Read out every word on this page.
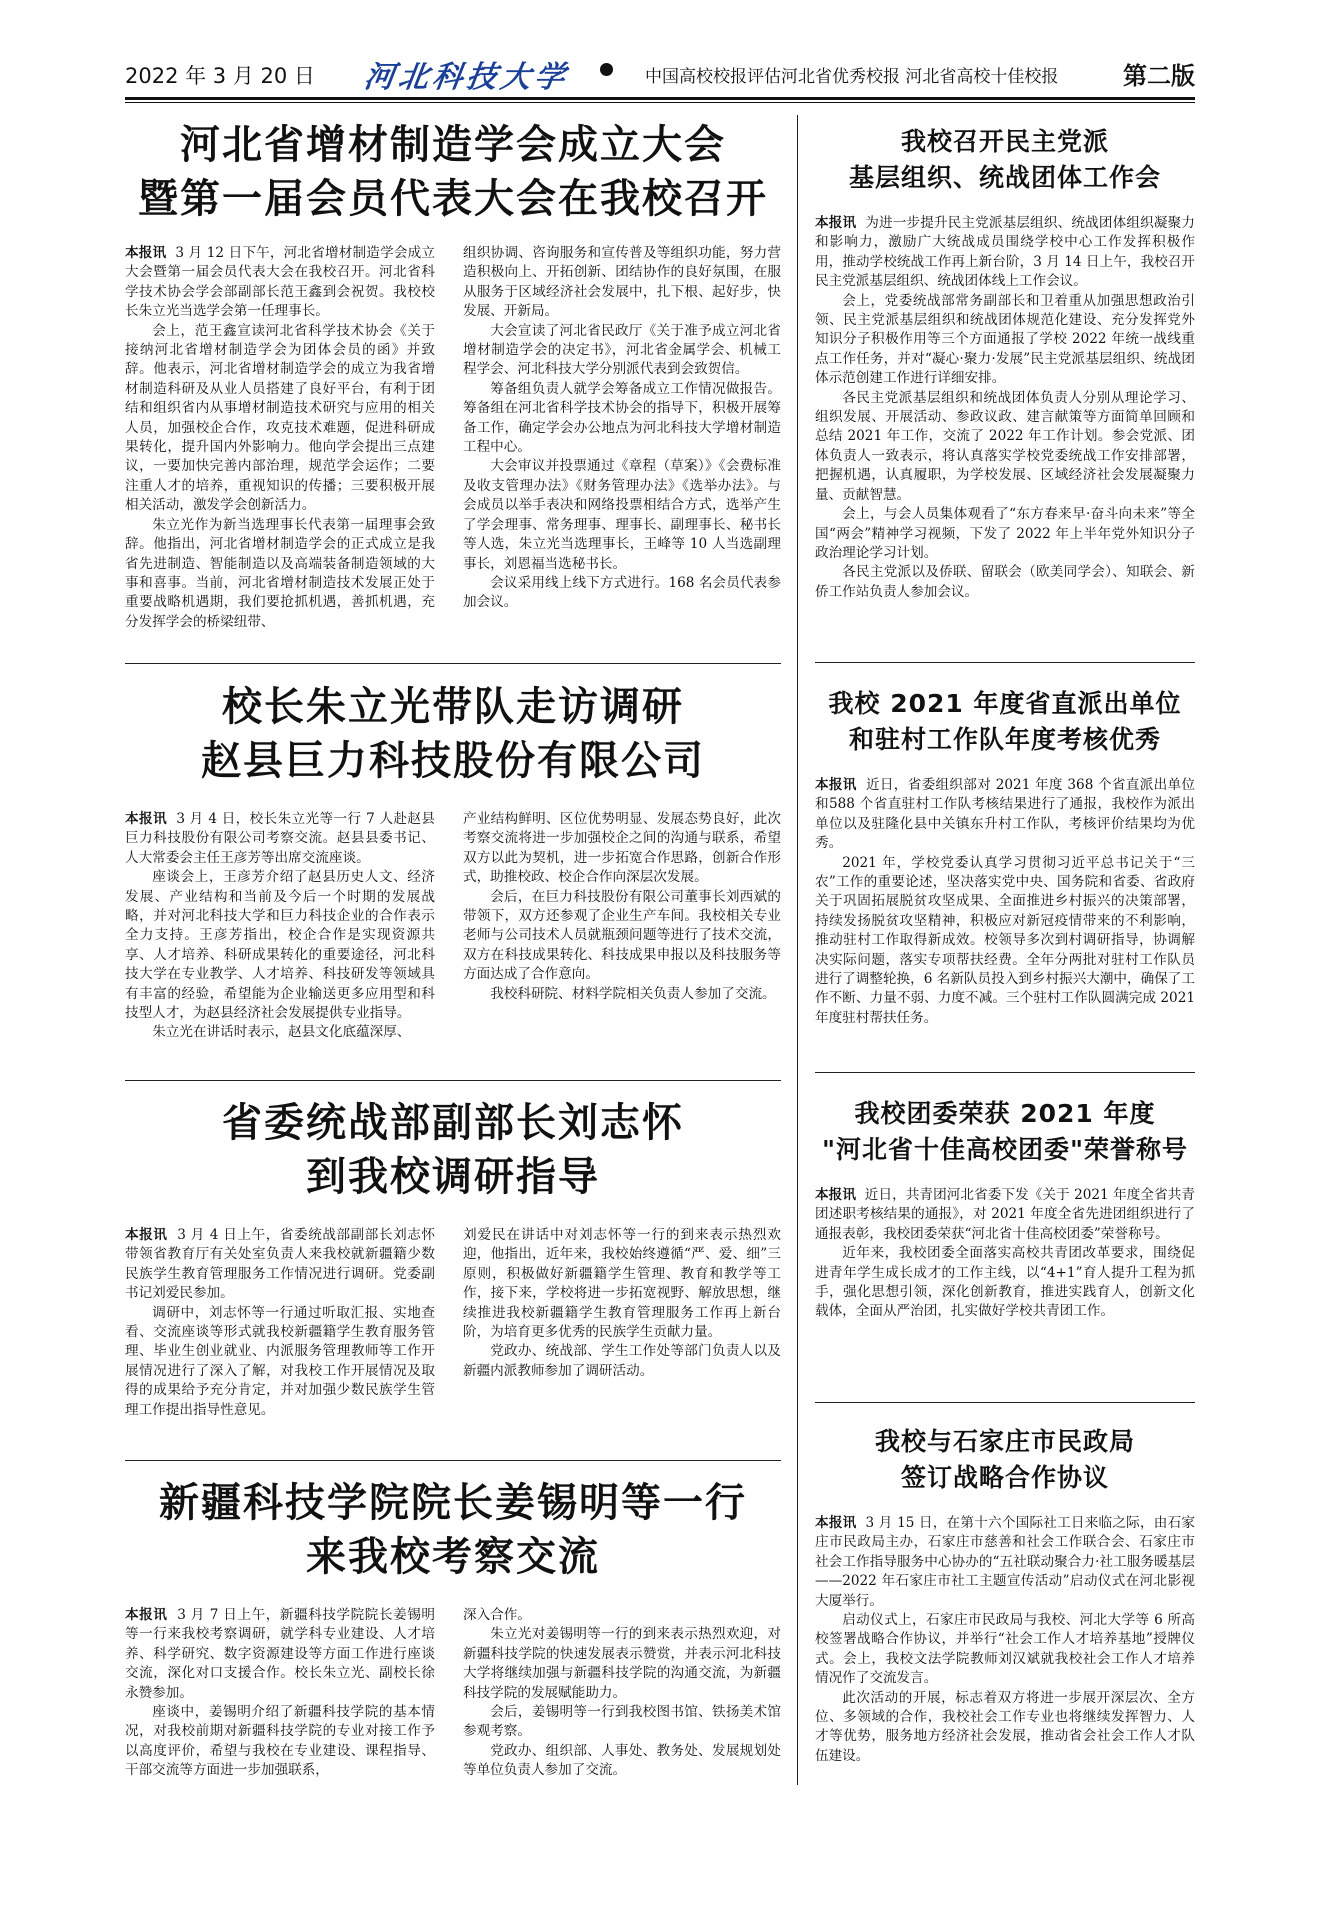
2022 年 3 月 20 日 河北科技大学	中国高校校报评估河北省优秀校报 河北省高校十佳校报	第二版
河北省增材制造学会成立大会
暨第一届会员代表大会在我校召开

本报讯 3 月 12 日下午，河北省增材制造学会成立大会暨第一届会员代表大会在我校召开。河北省科学技术协会学会部副部长范王鑫到会祝贺。我校校长朱立光当选学会第一任理事长。

会上，范王鑫宣读河北省科学技术协会《关于接纳河北省增材制造学会为团体会员的函》并致辞。他表示，河北省增材制造学会的成立为我省增材制造科研及从业人员搭建了良好平台，有利于团结和组织省内从事增材制造技术研究与应用的相关人员，加强校企合作，攻克技术难题，促进科研成果转化，提升国内外影响力。他向学会提出三点建议，一要加快完善内部治理，规范学会运作；二要注重人才的培养，重视知识的传播；三要积极开展相关活动，激发学会创新活力。

朱立光作为新当选理事长代表第一届理事会致辞。他指出，河北省增材制造学会的正式成立是我省先进制造、智能制造以及高端装备制造领域的大事和喜事。当前，河北省增材制造技术发展正处于重要战略机遇期，我们要抢抓机遇，善抓机遇，充分发挥学会的桥梁纽带、

组织协调、咨询服务和宣传普及等组织功能，努力营造积极向上、开拓创新、团结协作的良好氛围，在服从服务于区域经济社会发展中，扎下根、起好步，快发展、开新局。

大会宣读了河北省民政厅《关于准予成立河北省增材制造学会的决定书》，河北省金属学会、机械工程学会、河北科技大学分别派代表到会致贺信。

筹备组负责人就学会筹备成立工作情况做报告。筹备组在河北省科学技术协会的指导下，积极开展筹备工作，确定学会办公地点为河北科技大学增材制造工程中心。

大会审议并投票通过《章程（草案）》《会费标准及收支管理办法》《财务管理办法》《选举办法》。与会成员以举手表决和网络投票相结合方式，选举产生了学会理事、常务理事、理事长、副理事长、秘书长等人选，朱立光当选理事长，王峰等 10 人当选副理事长，刘恩福当选秘书长。

会议采用线上线下方式进行。168 名会员代表参加会议。

校长朱立光带队走访调研
赵县巨力科技股份有限公司

本报讯 3 月 4 日，校长朱立光等一行 7 人赴赵县巨力科技股份有限公司考察交流。赵县县委书记、人大常委会主任王彦芳等出席交流座谈。

座谈会上，王彦芳介绍了赵县历史人文、经济发展、产业结构和当前及今后一个时期的发展战略，并对河北科技大学和巨力科技企业的合作表示全力支持。王彦芳指出，校企合作是实现资源共享、人才培养、科研成果转化的重要途径，河北科技大学在专业教学、人才培养、科技研发等领域具有丰富的经验，希望能为企业输送更多应用型和科技型人才，为赵县经济社会发展提供专业指导。

朱立光在讲话时表示，赵县文化底蕴深厚、

产业结构鲜明、区位优势明显、发展态势良好，此次考察交流将进一步加强校企之间的沟通与联系，希望双方以此为契机，进一步拓宽合作思路，创新合作形式，助推校政、校企合作向深层次发展。

会后，在巨力科技股份有限公司董事长刘西斌的带领下，双方还参观了企业生产车间。我校相关专业老师与公司技术人员就瓶颈问题等进行了技术交流，双方在科技成果转化、科技成果申报以及科技服务等方面达成了合作意向。

我校科研院、材料学院相关负责人参加了交流。

省委统战部副部长刘志怀
到我校调研指导

本报讯 3 月 4 日上午，省委统战部副部长刘志怀带领省教育厅有关处室负责人来我校就新疆籍少数民族学生教育管理服务工作情况进行调研。党委副书记刘爱民参加。

调研中，刘志怀等一行通过听取汇报、实地查看、交流座谈等形式就我校新疆籍学生教育服务管理、毕业生创业就业、内派服务管理教师等工作开展情况进行了深入了解，对我校工作开展情况及取得的成果给予充分肯定，并对加强少数民族学生管理工作提出指导性意见。

刘爱民在讲话中对刘志怀等一行的到来表示热烈欢迎，他指出，近年来，我校始终遵循“严、爱、细”三原则，积极做好新疆籍学生管理、教育和教学等工作，接下来，学校将进一步拓宽视野、解放思想，继续推进我校新疆籍学生教育管理服务工作再上新台阶，为培育更多优秀的民族学生贡献力量。

党政办、统战部、学生工作处等部门负责人以及新疆内派教师参加了调研活动。

新疆科技学院院长姜锡明等一行
来我校考察交流

本报讯 3 月 7 日上午，新疆科技学院院长姜锡明等一行来我校考察调研，就学科专业建设、人才培养、科学研究、数字资源建设等方面工作进行座谈交流，深化对口支援合作。校长朱立光、副校长徐永赞参加。

座谈中，姜锡明介绍了新疆科技学院的基本情况，对我校前期对新疆科技学院的专业对接工作予以高度评价，希望与我校在专业建设、课程指导、干部交流等方面进一步加强联系，

深入合作。

朱立光对姜锡明等一行的到来表示热烈欢迎，对新疆科技学院的快速发展表示赞赏，并表示河北科技大学将继续加强与新疆科技学院的沟通交流，为新疆科技学院的发展赋能助力。

会后，姜锡明等一行到我校图书馆、铁扬美术馆参观考察。

党政办、组织部、人事处、教务处、发展规划处等单位负责人参加了交流。

我校召开民主党派
基层组织、统战团体工作会

本报讯 为进一步提升民主党派基层组织、统战团体组织凝聚力和影响力，激励广大统战成员围绕学校中心工作发挥积极作用，推动学校统战工作再上新台阶，3 月 14 日上午，我校召开民主党派基层组织、统战团体线上工作会议。

会上，党委统战部常务副部长和卫着重从加强思想政治引领、民主党派基层组织和统战团体规范化建设、充分发挥党外知识分子积极作用等三个方面通报了学校 2022 年统一战线重点工作任务，并对“凝心·聚力·发展”民主党派基层组织、统战团体示范创建工作进行详细安排。

各民主党派基层组织和统战团体负责人分别从理论学习、组织发展、开展活动、参政议政、建言献策等方面简单回顾和总结 2021 年工作，交流了 2022 年工作计划。参会党派、团体负责人一致表示，将认真落实学校党委统战工作安排部署，把握机遇，认真履职，为学校发展、区域经济社会发展凝聚力量、贡献智慧。

会上，与会人员集体观看了“东方春来早·奋斗向未来”等全国“两会”精神学习视频，下发了 2022 年上半年党外知识分子政治理论学习计划。

各民主党派以及侨联、留联会（欧美同学会）、知联会、新侨工作站负责人参加会议。

我校 2021 年度省直派出单位
和驻村工作队年度考核优秀

本报讯 近日，省委组织部对 2021 年度 368 个省直派出单位和588 个省直驻村工作队考核结果进行了通报，我校作为派出单位以及驻隆化县中关镇东升村工作队，考核评价结果均为优秀。

2021 年，学校党委认真学习贯彻习近平总书记关于“三农”工作的重要论述，坚决落实党中央、国务院和省委、省政府关于巩固拓展脱贫攻坚成果、全面推进乡村振兴的决策部署，持续发扬脱贫攻坚精神，积极应对新冠疫情带来的不利影响，推动驻村工作取得新成效。校领导多次到村调研指导，协调解决实际问题，落实专项帮扶经费。全年分两批对驻村工作队员进行了调整轮换，6 名新队员投入到乡村振兴大潮中，确保了工作不断、力量不弱、力度不减。三个驻村工作队圆满完成 2021 年度驻村帮扶任务。

我校团委荣获 2021 年度
"河北省十佳高校团委"荣誉称号

本报讯 近日，共青团河北省委下发《关于 2021 年度全省共青团述职考核结果的通报》，对 2021 年度全省先进团组织进行了通报表彰，我校团委荣获“河北省十佳高校团委”荣誉称号。

近年来，我校团委全面落实高校共青团改革要求，围绕促进青年学生成长成才的工作主线，以“4+1”育人提升工程为抓手，强化思想引领，深化创新教育，推进实践育人，创新文化载体，全面从严治团，扎实做好学校共青团工作。

我校与石家庄市民政局
签订战略合作协议

本报讯 3 月 15 日，在第十六个国际社工日来临之际，由石家庄市民政局主办，石家庄市慈善和社会工作联合会、石家庄市社会工作指导服务中心协办的“五社联动聚合力·社工服务暖基层——2022 年石家庄市社工主题宣传活动”启动仪式在河北影视大厦举行。

启动仪式上，石家庄市民政局与我校、河北大学等 6 所高校签署战略合作协议，并举行“社会工作人才培养基地”授牌仪式。会上，我校文法学院教师刘汉斌就我校社会工作人才培养情况作了交流发言。

此次活动的开展，标志着双方将进一步展开深层次、全方位、多领域的合作，我校社会工作专业也将继续发挥智力、人才等优势，服务地方经济社会发展，推动省会社会工作人才队伍建设。
